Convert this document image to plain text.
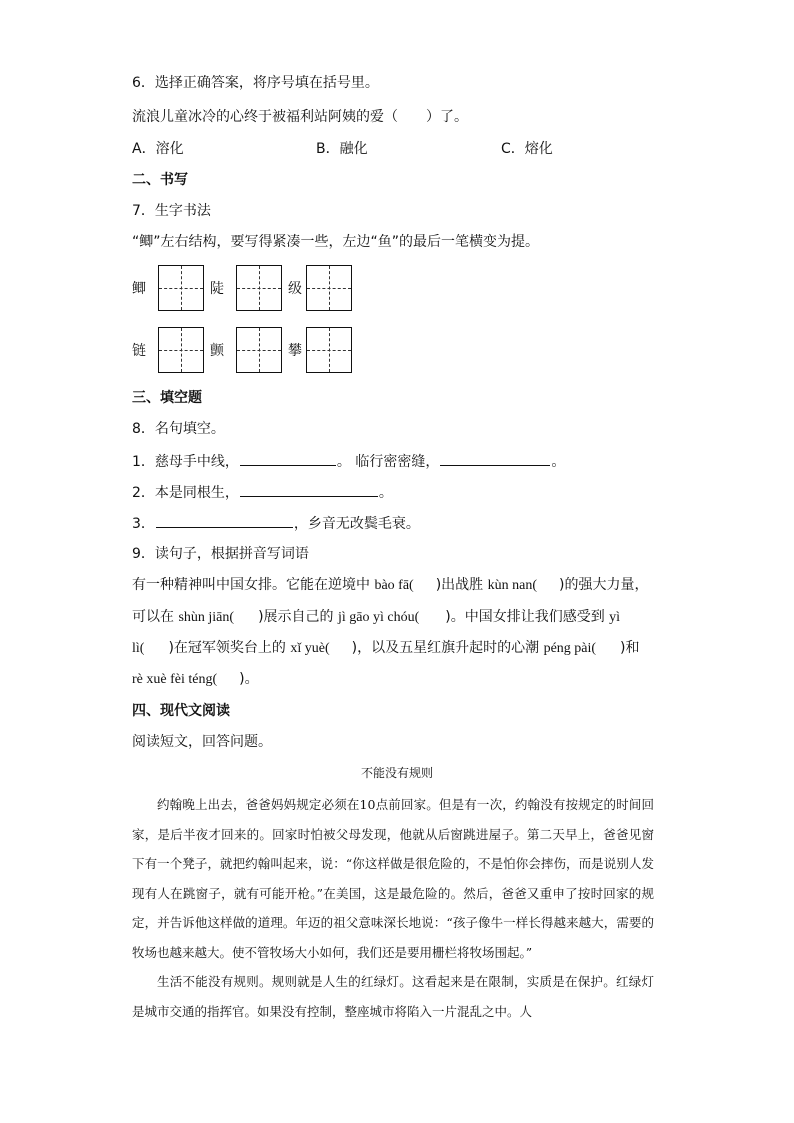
6．选择正确答案，将序号填在括号里。
流浪儿童冰冷的心终于被福利站阿姨的爱（ ）了。
A．溶化	B．融化	C．熔化
二、书写
7．生字书法
“鲫”左右结构，要写得紧凑一些，左边“鱼”的最后一笔横变为提。
鲫	陡	级
链	颤	攀
三、填空题
8．名句填空。
1．慈母手中线，	。 临行密密缝，	。
2．本是同根生，	。
3．	，乡音无改鬓毛衰。
9．读句子，根据拼音写词语
有一种精神叫中国女排。它能在逆境中 bào fā( )出战胜 kùn nan( )的强大力量，
可以在 shùn jiān( )展示自己的 jì gāo yì chóu( )。中国女排让我们感受到 yì
lì( )在冠军领奖台上的 xǐ yuè( )，以及五星红旗升起时的心潮 péng pài( )和
rè xuè fèi téng( )。
四、现代文阅读
阅读短文，回答问题。
不能没有规则

约翰晚上出去，爸爸妈妈规定必须在10点前回家。但是有一次，约翰没有按规定的时间回家，是后半夜才回来的。回家时怕被父母发现，他就从后窗跳进屋子。第二天早上，爸爸见窗下有一个凳子，就把约翰叫起来，说：“你这样做是很危险的，不是怕你会摔伤，而是说别人发现有人在跳窗子，就有可能开枪。”在美国，这是最危险的。然后，爸爸又重申了按时回家的规定，并告诉他这样做的道理。年迈的祖父意味深长地说：“孩子像牛一样长得越来越大，需要的牧场也越来越大。使不管牧场大小如何，我们还是要用栅栏将牧场围起。”

生活不能没有规则。规则就是人生的红绿灯。这看起来是在限制，实质是在保护。红绿灯是城市交通的指挥官。如果没有控制，整座城市将陷入一片混乱之中。人
